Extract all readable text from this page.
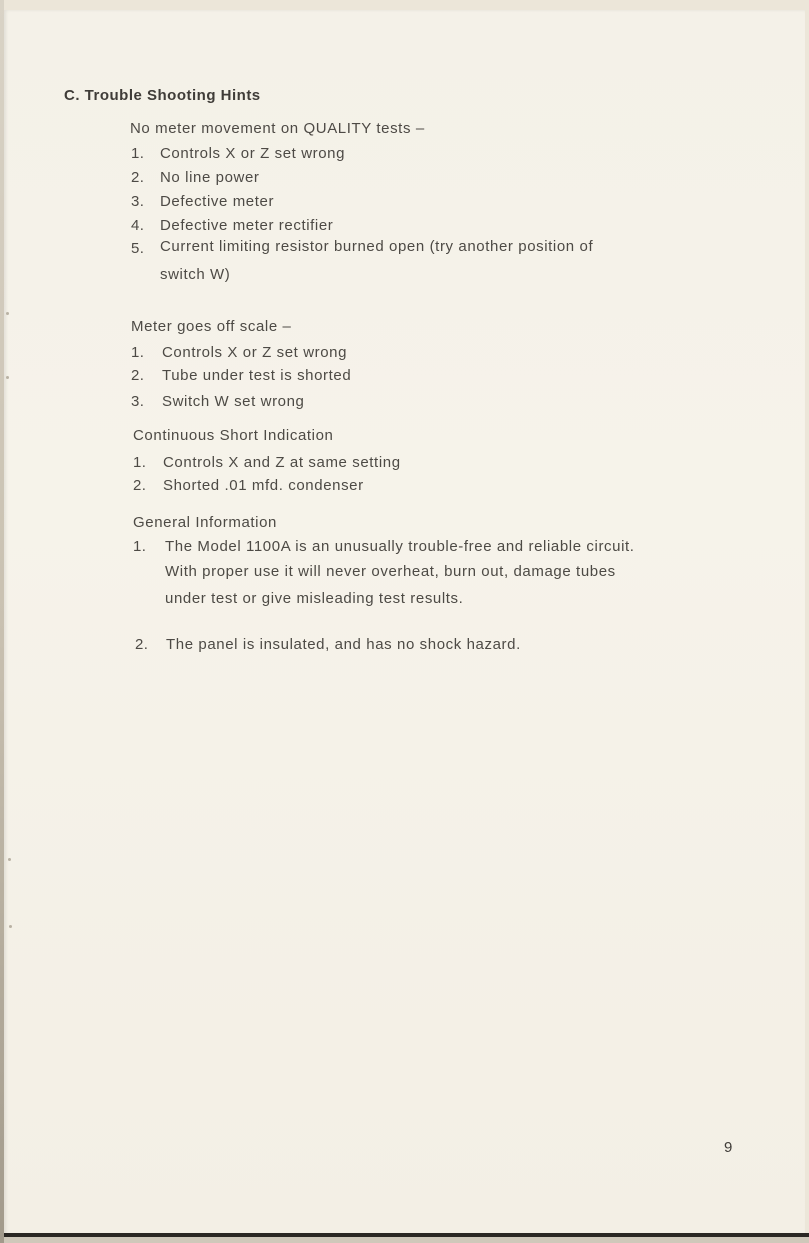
C. Trouble Shooting Hints
No meter movement on QUALITY tests –
1. Controls X or Z set wrong
2. No line power
3. Defective meter
4. Defective meter rectifier
5. Current limiting resistor burned open (try another position of
switch W)
Meter goes off scale –
1. Controls X or Z set wrong
2. Tube under test is shorted
3. Switch W set wrong
Continuous Short Indication
1. Controls X and Z at same setting
2. Shorted .01 mfd. condenser
General Information
1. The Model 1100A is an unusually trouble-free and reliable circuit.
With proper use it will never overheat, burn out, damage tubes
under test or give misleading test results.
2. The panel is insulated, and has no shock hazard.
9
